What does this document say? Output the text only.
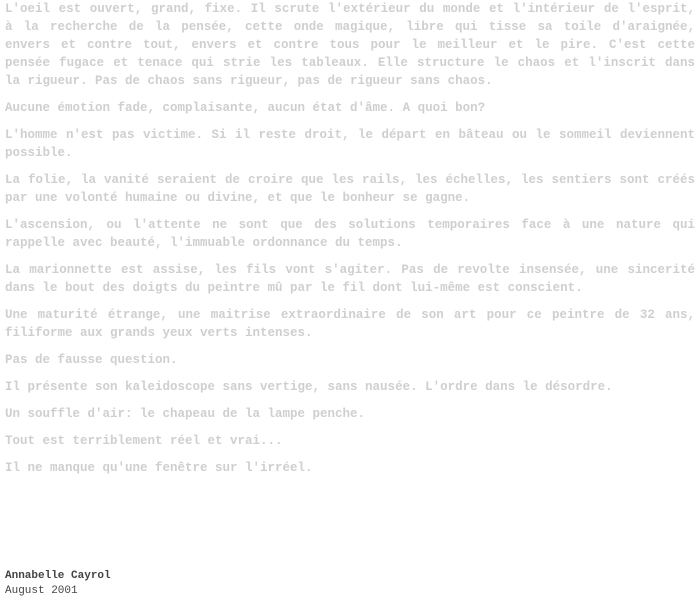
L'oeil est ouvert, grand, fixe. Il scrute l'extérieur du monde et l'intérieur de l'esprit, à la recherche de la pensée, cette onde magique, libre qui tisse sa toile d'araignée, envers et contre tout, envers et contre tous pour le meilleur et le pire. C'est cette pensée fugace et tenace qui strie les tableaux. Elle structure le chaos et l'inscrit dans la rigueur. Pas de chaos sans rigueur, pas de rigueur sans chaos.

Aucune émotion fade, complaisante, aucun état d'âme. A quoi bon?

L'homme n'est pas victime. Si il reste droit, le départ en bâteau ou le sommeil deviennent possible.

La folie, la vanité seraient de croire que les rails, les échelles, les sentiers sont créés par une volonté humaine ou divine, et que le bonheur se gagne.

L'ascension, ou l'attente ne sont que des solutions temporaires face à une nature qui rappelle avec beauté, l'immuable ordonnance du temps.

La marionnette est assise, les fils vont s'agiter. Pas de revolte insensée, une sincerité dans le bout des doigts du peintre mû par le fil dont lui-même est conscient.

Une maturité étrange, une maitrise extraordinaire de son art pour ce peintre de 32 ans, filiforme aux grands yeux verts intenses.

Pas de fausse question.

Il présente son kaleidoscope sans vertige, sans nausée. L'ordre dans le désordre.

Un souffle d'air: le chapeau de la lampe penche.

Tout est terriblement réel et vrai...

Il ne manque qu'une fenêtre sur l'irréel.

Annabelle Cayrol
August 2001
